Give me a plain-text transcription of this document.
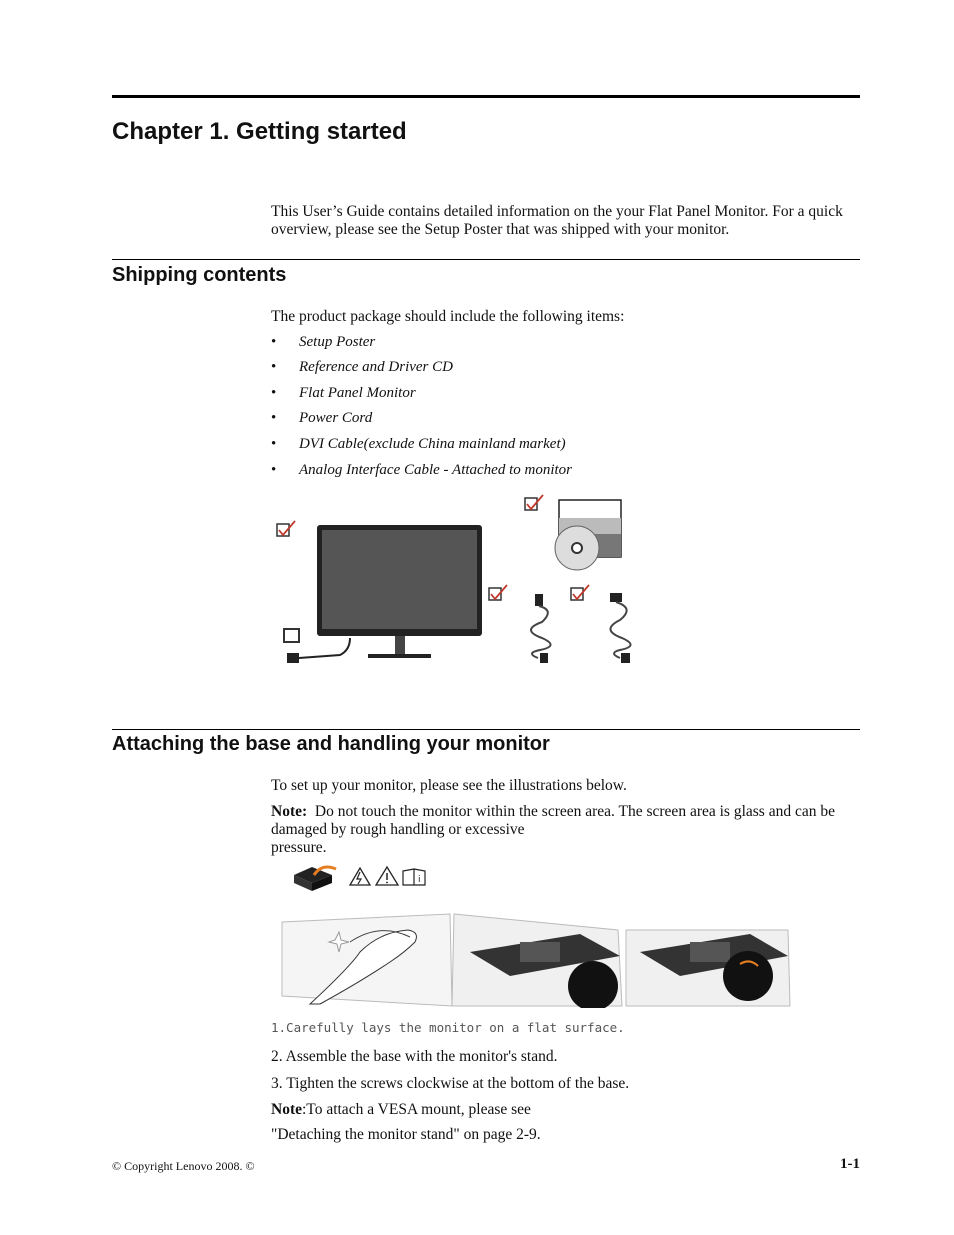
Chapter 1. Getting started

This User’s Guide contains detailed information on the your Flat Panel Monitor. For a quick overview, please see the Setup Poster that was shipped with your monitor.

Shipping contents

The product package should include the following items:

• Setup Poster
• Reference and Driver CD
• Flat Panel Monitor
• Power Cord
• DVI Cable(exclude China mainland market)
• Analog Interface Cable - Attached to monitor
Attaching the base and handling your monitor

To set up your monitor, please see the illustrations below.

Note: Do not touch the monitor within the screen area. The screen area is glass and can be damaged by rough handling or excessive

pressure.

i
1.Carefully lays the monitor on a flat surface.

2. Assemble the base with the monitor's stand.

3. Tighten the screws clockwise at the bottom of the base.

Note:To attach a VESA mount, please see

"Detaching the monitor stand" on page 2-9.

© Copyright Lenovo 2008. ©	1-1
